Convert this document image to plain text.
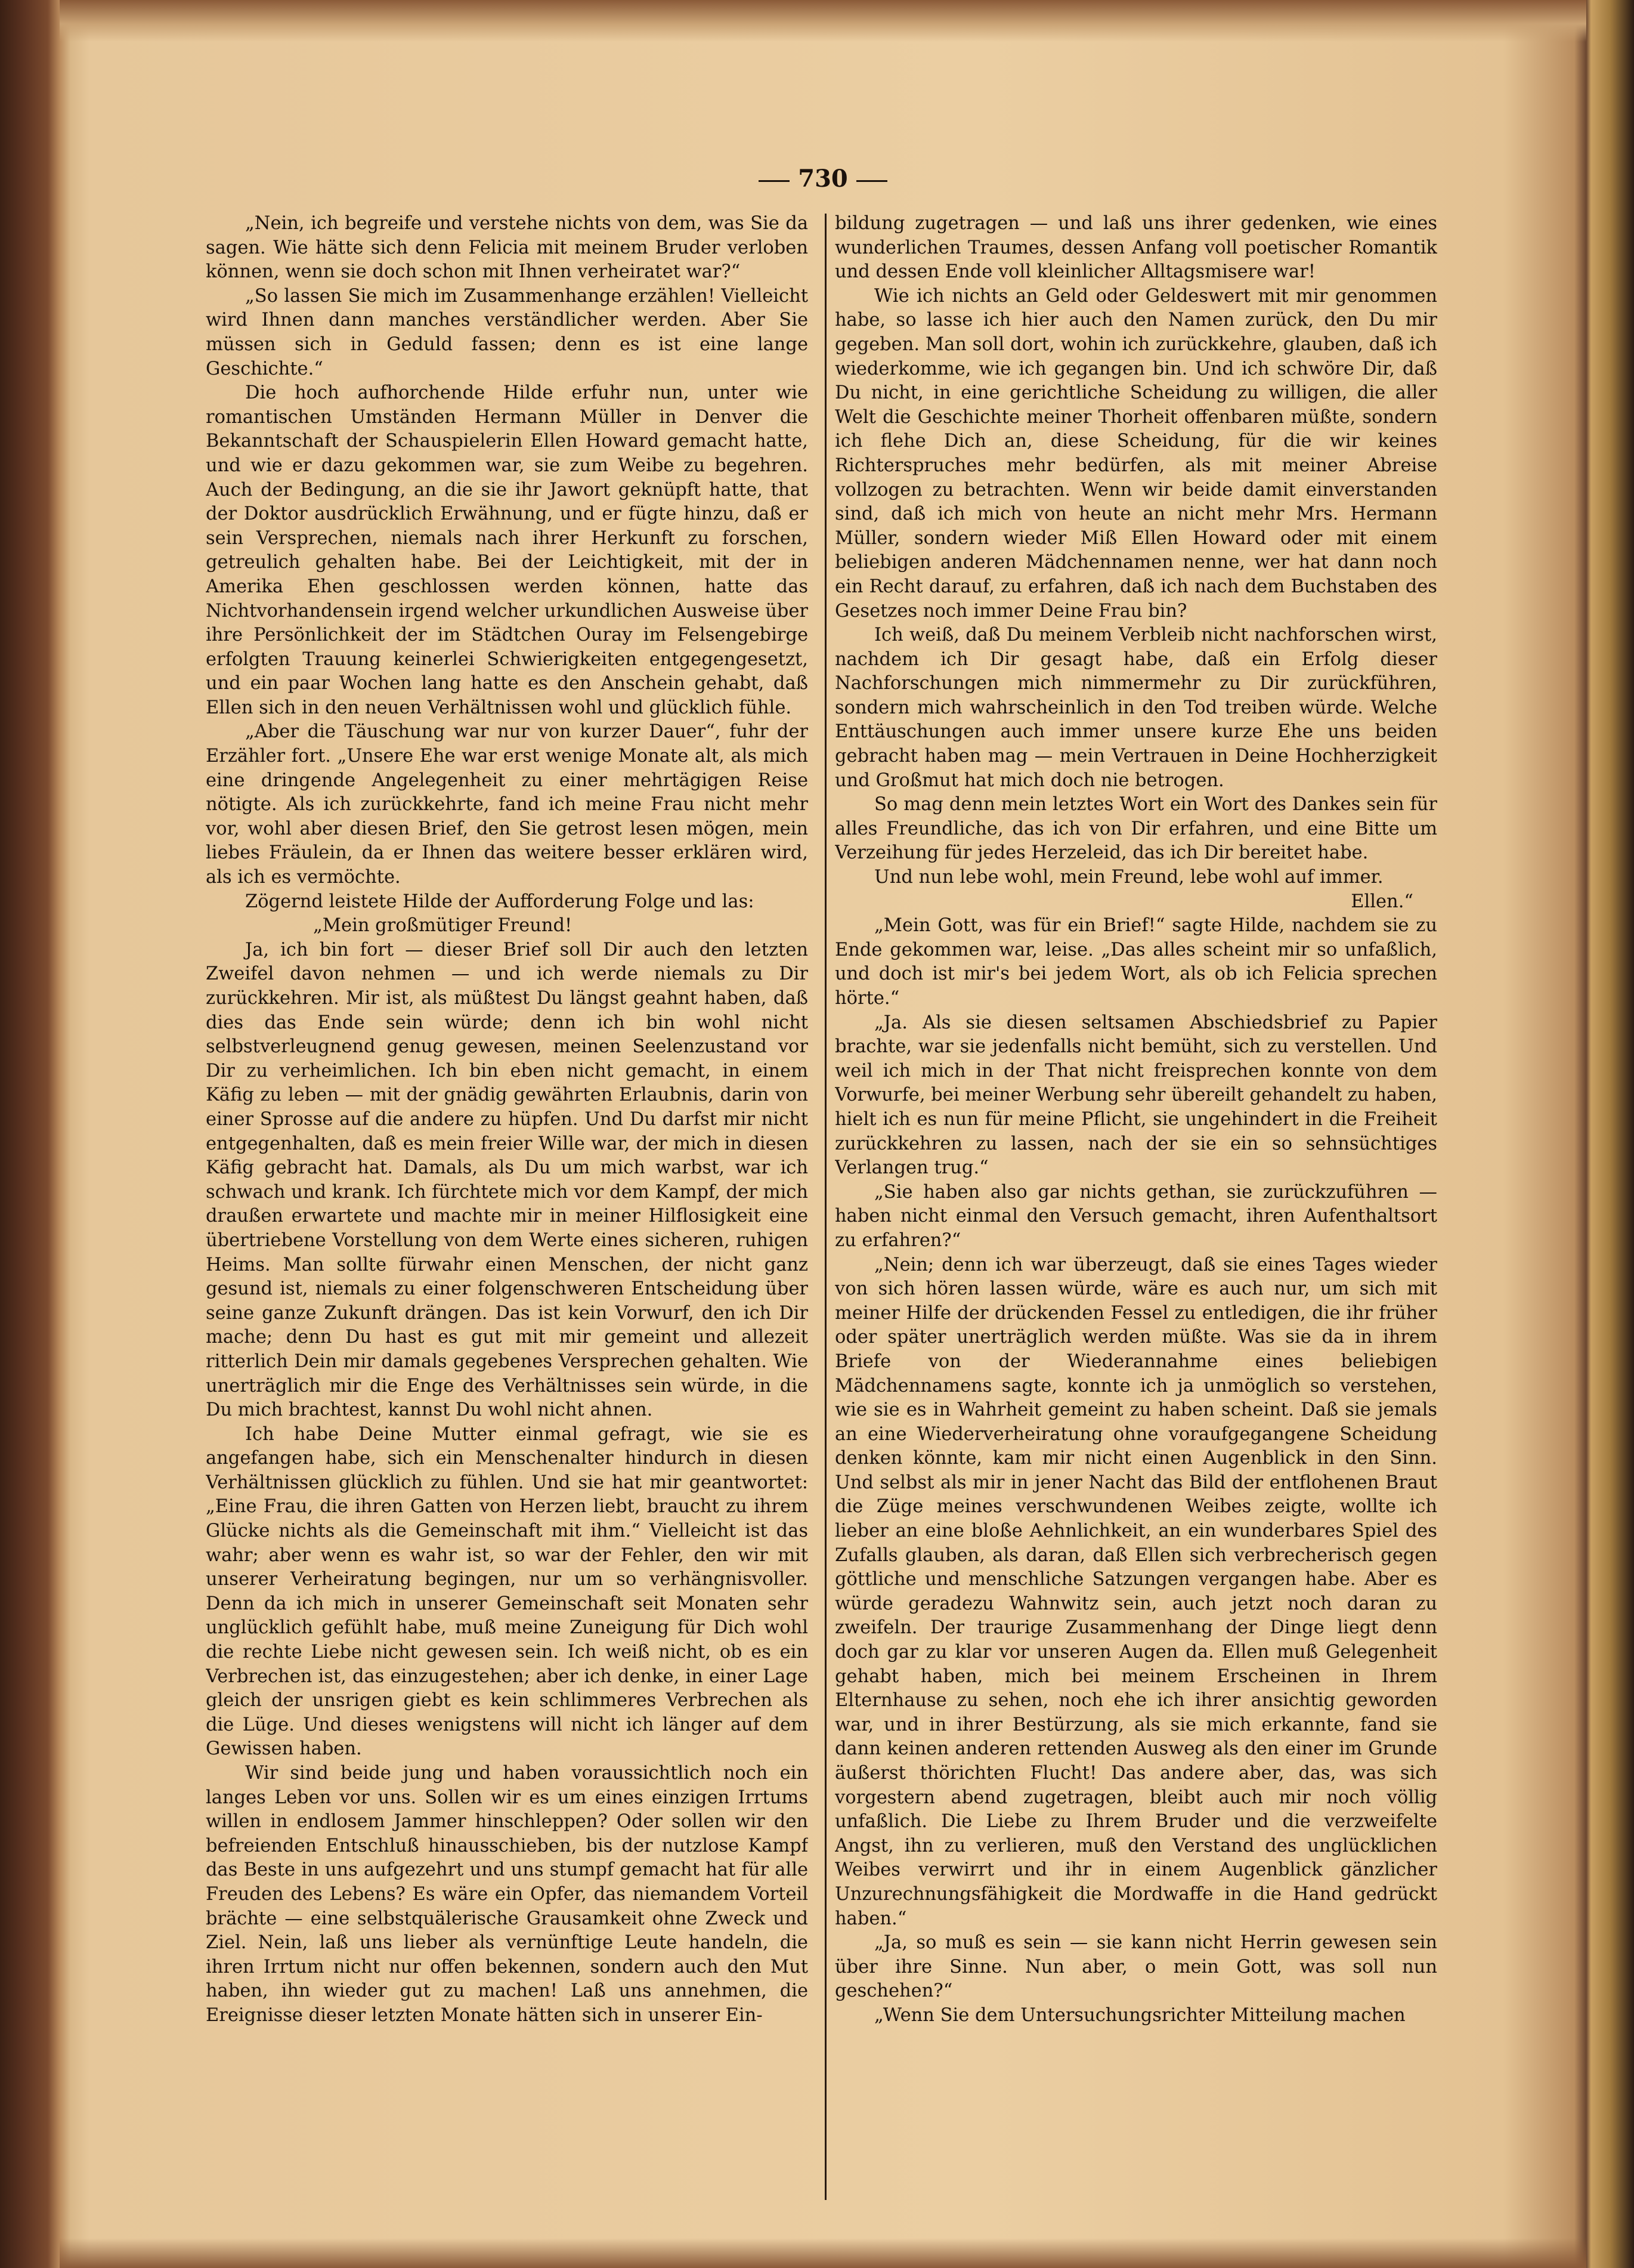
730

„Nein, ich begreife und verstehe nichts von dem, was Sie da sagen. Wie hätte sich denn Felicia mit meinem Bruder verloben können, wenn sie doch schon mit Ihnen verheiratet war?“

„So lassen Sie mich im Zusammenhange erzählen! Vielleicht wird Ihnen dann manches verständlicher werden. Aber Sie müssen sich in Geduld fassen; denn es ist eine lange Geschichte.“

Die hoch aufhorchende Hilde erfuhr nun, unter wie romantischen Umständen Hermann Müller in Denver die Bekanntschaft der Schauspielerin Ellen Howard gemacht hatte, und wie er dazu gekommen war, sie zum Weibe zu begehren. Auch der Bedingung, an die sie ihr Jawort geknüpft hatte, that der Doktor ausdrücklich Erwähnung, und er fügte hinzu, daß er sein Versprechen, niemals nach ihrer Herkunft zu forschen, getreulich gehalten habe. Bei der Leichtigkeit, mit der in Amerika Ehen geschlossen werden können, hatte das Nichtvorhandensein irgend welcher urkundlichen Ausweise über ihre Persönlichkeit der im Städtchen Ouray im Felsengebirge erfolgten Trauung keinerlei Schwierigkeiten entgegengesetzt, und ein paar Wochen lang hatte es den Anschein gehabt, daß Ellen sich in den neuen Verhältnissen wohl und glücklich fühle.

„Aber die Täuschung war nur von kurzer Dauer“, fuhr der Erzähler fort. „Unsere Ehe war erst wenige Monate alt, als mich eine dringende Angelegenheit zu einer mehrtägigen Reise nötigte. Als ich zurückkehrte, fand ich meine Frau nicht mehr vor, wohl aber diesen Brief, den Sie getrost lesen mögen, mein liebes Fräulein, da er Ihnen das weitere besser erklären wird, als ich es vermöchte.

Zögernd leistete Hilde der Aufforderung Folge und las:

„Mein großmütiger Freund!

Ja, ich bin fort — dieser Brief soll Dir auch den letzten Zweifel davon nehmen — und ich werde niemals zu Dir zurückkehren. Mir ist, als müßtest Du längst geahnt haben, daß dies das Ende sein würde; denn ich bin wohl nicht selbstverleugnend genug gewesen, meinen Seelenzustand vor Dir zu verheimlichen. Ich bin eben nicht gemacht, in einem Käfig zu leben — mit der gnädig gewährten Erlaubnis, darin von einer Sprosse auf die andere zu hüpfen. Und Du darfst mir nicht entgegenhalten, daß es mein freier Wille war, der mich in diesen Käfig gebracht hat. Damals, als Du um mich warbst, war ich schwach und krank. Ich fürchtete mich vor dem Kampf, der mich draußen erwartete und machte mir in meiner Hilflosigkeit eine übertriebene Vorstellung von dem Werte eines sicheren, ruhigen Heims. Man sollte fürwahr einen Menschen, der nicht ganz gesund ist, niemals zu einer folgenschweren Entscheidung über seine ganze Zukunft drängen. Das ist kein Vorwurf, den ich Dir mache; denn Du hast es gut mit mir gemeint und allezeit ritterlich Dein mir damals gegebenes Versprechen gehalten. Wie unerträglich mir die Enge des Verhältnisses sein würde, in die Du mich brachtest, kannst Du wohl nicht ahnen.

Ich habe Deine Mutter einmal gefragt, wie sie es angefangen habe, sich ein Menschenalter hindurch in diesen Verhältnissen glücklich zu fühlen. Und sie hat mir geantwortet: „Eine Frau, die ihren Gatten von Herzen liebt, braucht zu ihrem Glücke nichts als die Gemeinschaft mit ihm.“ Vielleicht ist das wahr; aber wenn es wahr ist, so war der Fehler, den wir mit unserer Verheiratung begingen, nur um so verhängnisvoller. Denn da ich mich in unserer Gemeinschaft seit Monaten sehr unglücklich gefühlt habe, muß meine Zuneigung für Dich wohl die rechte Liebe nicht gewesen sein. Ich weiß nicht, ob es ein Verbrechen ist, das einzugestehen; aber ich denke, in einer Lage gleich der unsrigen giebt es kein schlimmeres Verbrechen als die Lüge. Und dieses wenigstens will nicht ich länger auf dem Gewissen haben.

Wir sind beide jung und haben voraussichtlich noch ein langes Leben vor uns. Sollen wir es um eines einzigen Irrtums willen in endlosem Jammer hinschleppen? Oder sollen wir den befreienden Entschluß hinausschieben, bis der nutzlose Kampf das Beste in uns aufgezehrt und uns stumpf gemacht hat für alle Freuden des Lebens? Es wäre ein Opfer, das niemandem Vorteil brächte — eine selbstquälerische Grausamkeit ohne Zweck und Ziel. Nein, laß uns lieber als vernünftige Leute handeln, die ihren Irrtum nicht nur offen bekennen, sondern auch den Mut haben, ihn wieder gut zu machen! Laß uns annehmen, die Ereignisse dieser letzten Monate hätten sich in unserer Ein-

bildung zugetragen — und laß uns ihrer gedenken, wie eines wunderlichen Traumes, dessen Anfang voll poetischer Romantik und dessen Ende voll kleinlicher Alltagsmisere war!

Wie ich nichts an Geld oder Geldeswert mit mir genommen habe, so lasse ich hier auch den Namen zurück, den Du mir gegeben. Man soll dort, wohin ich zurückkehre, glauben, daß ich wiederkomme, wie ich gegangen bin. Und ich schwöre Dir, daß Du nicht, in eine gerichtliche Scheidung zu willigen, die aller Welt die Geschichte meiner Thorheit offenbaren müßte, sondern ich flehe Dich an, diese Scheidung, für die wir keines Richterspruches mehr bedürfen, als mit meiner Abreise vollzogen zu betrachten. Wenn wir beide damit einverstanden sind, daß ich mich von heute an nicht mehr Mrs. Hermann Müller, sondern wieder Miß Ellen Howard oder mit einem beliebigen anderen Mädchennamen nenne, wer hat dann noch ein Recht darauf, zu erfahren, daß ich nach dem Buchstaben des Gesetzes noch immer Deine Frau bin?

Ich weiß, daß Du meinem Verbleib nicht nachforschen wirst, nachdem ich Dir gesagt habe, daß ein Erfolg dieser Nachforschungen mich nimmermehr zu Dir zurückführen, sondern mich wahrscheinlich in den Tod treiben würde. Welche Enttäuschungen auch immer unsere kurze Ehe uns beiden gebracht haben mag — mein Vertrauen in Deine Hochherzigkeit und Großmut hat mich doch nie betrogen.

So mag denn mein letztes Wort ein Wort des Dankes sein für alles Freundliche, das ich von Dir erfahren, und eine Bitte um Verzeihung für jedes Herzeleid, das ich Dir bereitet habe.

Und nun lebe wohl, mein Freund, lebe wohl auf immer.

Ellen.“

„Mein Gott, was für ein Brief!“ sagte Hilde, nachdem sie zu Ende gekommen war, leise. „Das alles scheint mir so unfaßlich, und doch ist mir's bei jedem Wort, als ob ich Felicia sprechen hörte.“

„Ja. Als sie diesen seltsamen Abschiedsbrief zu Papier brachte, war sie jedenfalls nicht bemüht, sich zu verstellen. Und weil ich mich in der That nicht freisprechen konnte von dem Vorwurfe, bei meiner Werbung sehr übereilt gehandelt zu haben, hielt ich es nun für meine Pflicht, sie ungehindert in die Freiheit zurückkehren zu lassen, nach der sie ein so sehnsüchtiges Verlangen trug.“

„Sie haben also gar nichts gethan, sie zurückzuführen — haben nicht einmal den Versuch gemacht, ihren Aufenthaltsort zu erfahren?“

„Nein; denn ich war überzeugt, daß sie eines Tages wieder von sich hören lassen würde, wäre es auch nur, um sich mit meiner Hilfe der drückenden Fessel zu entledigen, die ihr früher oder später unerträglich werden müßte. Was sie da in ihrem Briefe von der Wiederannahme eines beliebigen Mädchennamens sagte, konnte ich ja unmöglich so verstehen, wie sie es in Wahrheit gemeint zu haben scheint. Daß sie jemals an eine Wiederverheiratung ohne voraufgegangene Scheidung denken könnte, kam mir nicht einen Augenblick in den Sinn. Und selbst als mir in jener Nacht das Bild der entflohenen Braut die Züge meines verschwundenen Weibes zeigte, wollte ich lieber an eine bloße Aehnlichkeit, an ein wunderbares Spiel des Zufalls glauben, als daran, daß Ellen sich verbrecherisch gegen göttliche und menschliche Satzungen vergangen habe. Aber es würde geradezu Wahnwitz sein, auch jetzt noch daran zu zweifeln. Der traurige Zusammenhang der Dinge liegt denn doch gar zu klar vor unseren Augen da. Ellen muß Gelegenheit gehabt haben, mich bei meinem Erscheinen in Ihrem Elternhause zu sehen, noch ehe ich ihrer ansichtig geworden war, und in ihrer Bestürzung, als sie mich erkannte, fand sie dann keinen anderen rettenden Ausweg als den einer im Grunde äußerst thörichten Flucht! Das andere aber, das, was sich vorgestern abend zugetragen, bleibt auch mir noch völlig unfaßlich. Die Liebe zu Ihrem Bruder und die verzweifelte Angst, ihn zu verlieren, muß den Verstand des unglücklichen Weibes verwirrt und ihr in einem Augenblick gänzlicher Unzurechnungsfähigkeit die Mordwaffe in die Hand gedrückt haben.“

„Ja, so muß es sein — sie kann nicht Herrin gewesen sein über ihre Sinne. Nun aber, o mein Gott, was soll nun geschehen?“

„Wenn Sie dem Untersuchungsrichter Mitteilung machen
